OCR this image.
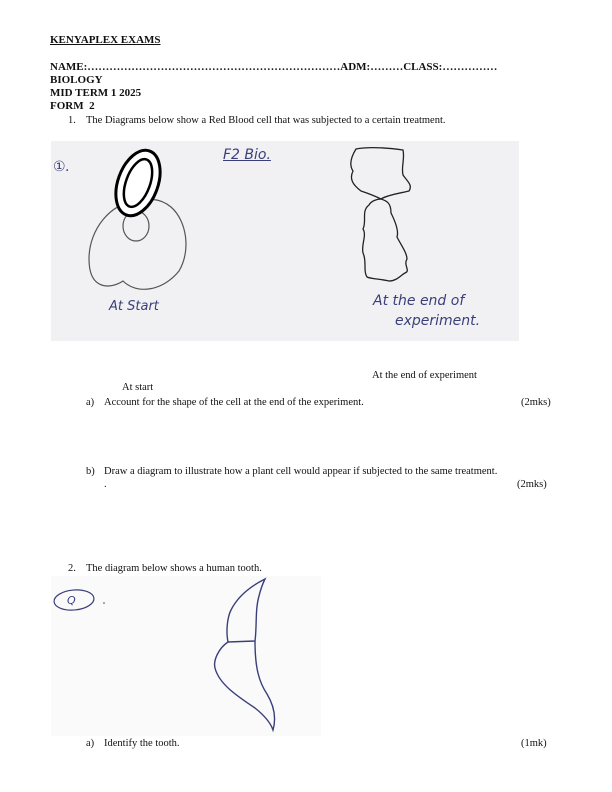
KENYAPLEX EXAMS
NAME:……………………………………………………………ADM:………CLASS:……………
BIOLOGY
MID TERM 1 2025
FORM  2
1. The Diagrams below show a Red Blood cell that was subjected to a certain treatment.
①.
F2 Bio.
At Start	At the end of
experiment.
At the end of experiment
At start
a) Account for the shape of the cell at the end of the experiment.	(2mks)
b) Draw a diagram to illustrate how a plant cell would appear if subjected to the same treatment.
.	(2mks)
2. The diagram below shows a human tooth.
Q
a) Identify the tooth.	(1mk)
